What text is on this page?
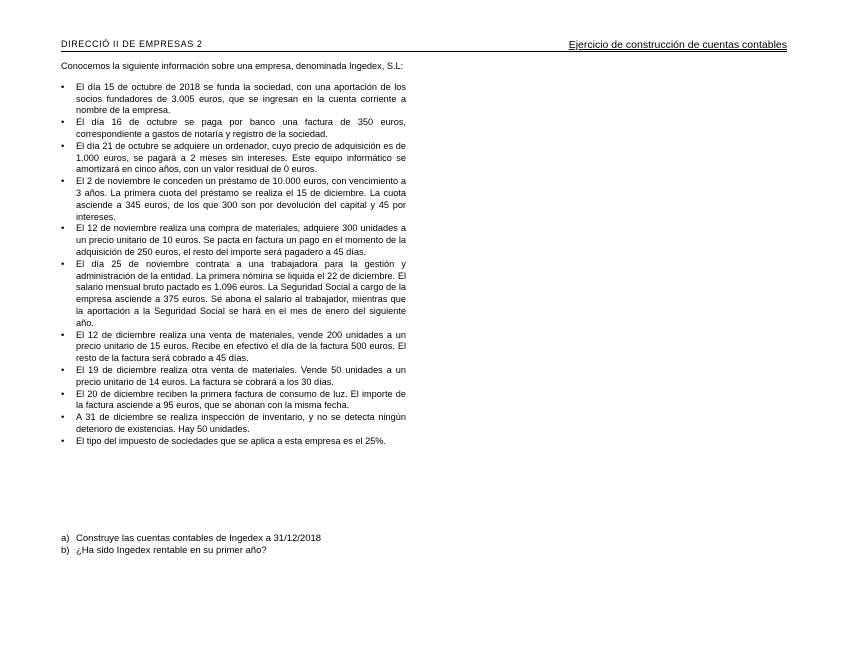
DIRECCIÓ II DE EMPRESAS 2	Ejercicio de construcción de cuentas contables

Conocemos la siguiente información sobre una empresa, denominada Ingedex, S.L:

• El día 15 de octubre de 2018 se funda la sociedad, con una aportación de los socios fundadores de 3.005 euros, que se ingresan en la cuenta corriente a nombre de la empresa.
• El día 16 de octubre se paga por banco una factura de 350 euros, correspondiente a gastos de notaría y registro de la sociedad.
• El día 21 de octubre se adquiere un ordenador, cuyo precio de adquisición es de 1.000 euros, se pagará a 2 meses sin intereses. Este equipo informático se amortizará en cinco años, con un valor residual de 0 euros.
• El 2 de noviembre le conceden un préstamo de 10.000 euros, con vencimiento a 3 años. La primera cuota del préstamo se realiza el 15 de diciembre. La cuota asciende a 345 euros, de los que 300 son por devolución del capital y 45 por intereses.
• El 12 de noviembre realiza una compra de materiales, adquiere 300 unidades a un precio unitario de 10 euros. Se pacta en factura un pago en el momento de la adquisición de 250 euros, el resto del importe será pagadero a 45 días.
• El día 25 de noviembre contrata a una trabajadora para la gestión y administración de la entidad. La primera nómina se liquida el 22 de diciembre. El salario mensual bruto pactado es 1.096 euros. La Seguridad Social a cargo de la empresa asciende a 375 euros. Se abona el salario al trabajador, mientras que la aportación a la Seguridad Social se hará en el mes de enero del siguiente año.
• El 12 de diciembre realiza una venta de materiales, vende 200 unidades a un precio unitario de 15 euros. Recibe en efectivo el día de la factura 500 euros. El resto de la factura será cobrado a 45 días.
• El 19 de diciembre realiza otra venta de materiales. Vende 50 unidades a un precio unitario de 14 euros. La factura se cobrará a los 30 días.
• El 20 de diciembre reciben la primera factura de consumo de luz. El importe de la factura asciende a 95 euros, que se abonan con la misma fecha.
• A 31 de diciembre se realiza inspección de inventario, y no se detecta ningún deterioro de existencias. Hay 50 unidades.
• El tipo del impuesto de sociedades que se aplica a esta empresa es el 25%.
a) Construye las cuentas contables de Ingedex a 31/12/2018
b) ¿Ha sido Ingedex rentable en su primer año?
